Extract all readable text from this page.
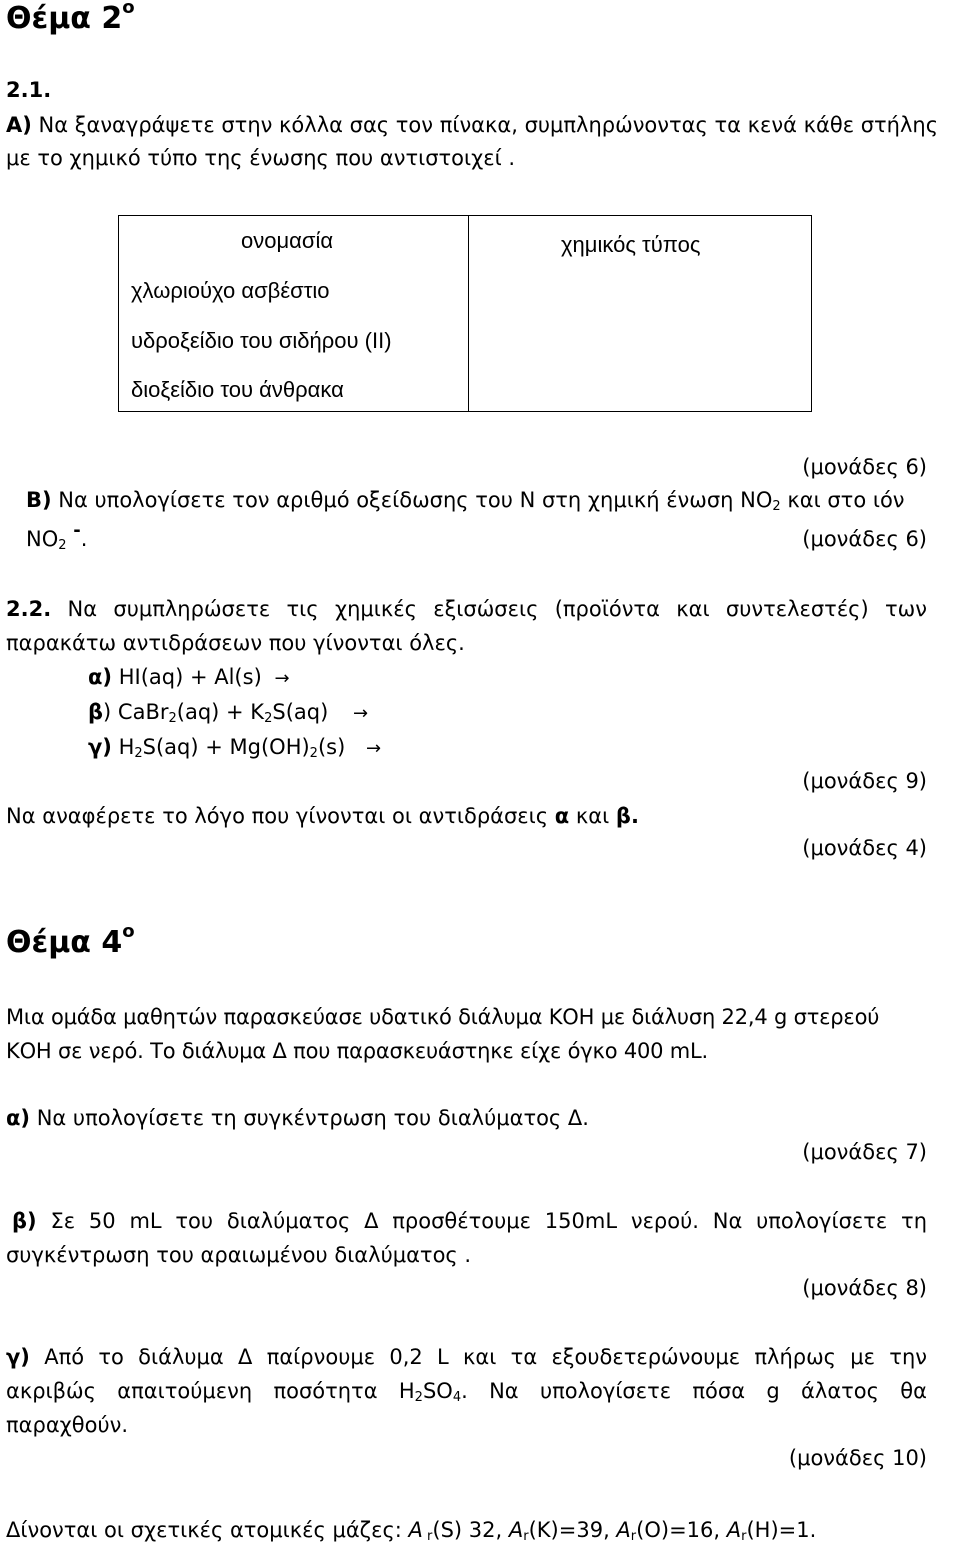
Θέμα $2^o$
2.1.
Α) Να ξαναγράψετε στην κόλλα σας τον πίνακα, συμπληρώνοντας τα κενά κάθε στήλης
με το χημικό τύπο της ένωσης που αντιστοιχεί .
ονομασία	χημικός τύπος
χλωριούχο ασβέστιο
υδροξείδιο του σιδήρου (ΙΙ)
διοξείδιο του άνθρακα
(μονάδες 6)
Β) Να υπολογίσετε τον αριθμό οξείδωσης του Ν στη χημική ένωση $NO_2$ και στο ιόν
$NO_2$ -.	(μονάδες 6)
2.2. Να συμπληρώσετε τις χημικές εξισώσεις (προϊόντα και συντελεστές) των
παρακάτω αντιδράσεων που γίνονται όλες.
α) HI(aq) + Al(s) →
β) CaBr$_2$(aq) + $K_2S(aq)$ →
γ) $H_2S(aq) + Mg(OH)_2(s)$ →
(μονάδες 9)
Να αναφέρετε το λόγο που γίνονται οι αντιδράσεις α και β.
(μονάδες 4)
Θέμα $4^o$
Μια ομάδα μαθητών παρασκεύασε υδατικό διάλυμα ΚΟΗ με διάλυση 22,4 g στερεού
ΚΟΗ σε νερό. Το διάλυμα Δ που παρασκευάστηκε είχε όγκο 400 mL.
α) Να υπολογίσετε τη συγκέντρωση του διαλύματος Δ.
(μονάδες 7)
β) Σε 50 mL του διαλύματος Δ προσθέτουμε 150mL νερού. Να υπολογίσετε τη
συγκέντρωση του αραιωμένου διαλύματος .
(μονάδες 8)
γ) Από το διάλυμα Δ παίρνουμε 0,2 L και τα εξουδετερώνουμε πλήρως με την
ακριβώς απαιτούμενη ποσότητα $H_2SO_4$. Να υπολογίσετε πόσα g άλατος θα
παραχθούν.
(μονάδες 10)
Δίνονται οι σχετικές ατομικές μάζες: A $_r$(S) 32, $A_r(K)=39$, $A_r(O)=16$, $A_r(H)=1$.
